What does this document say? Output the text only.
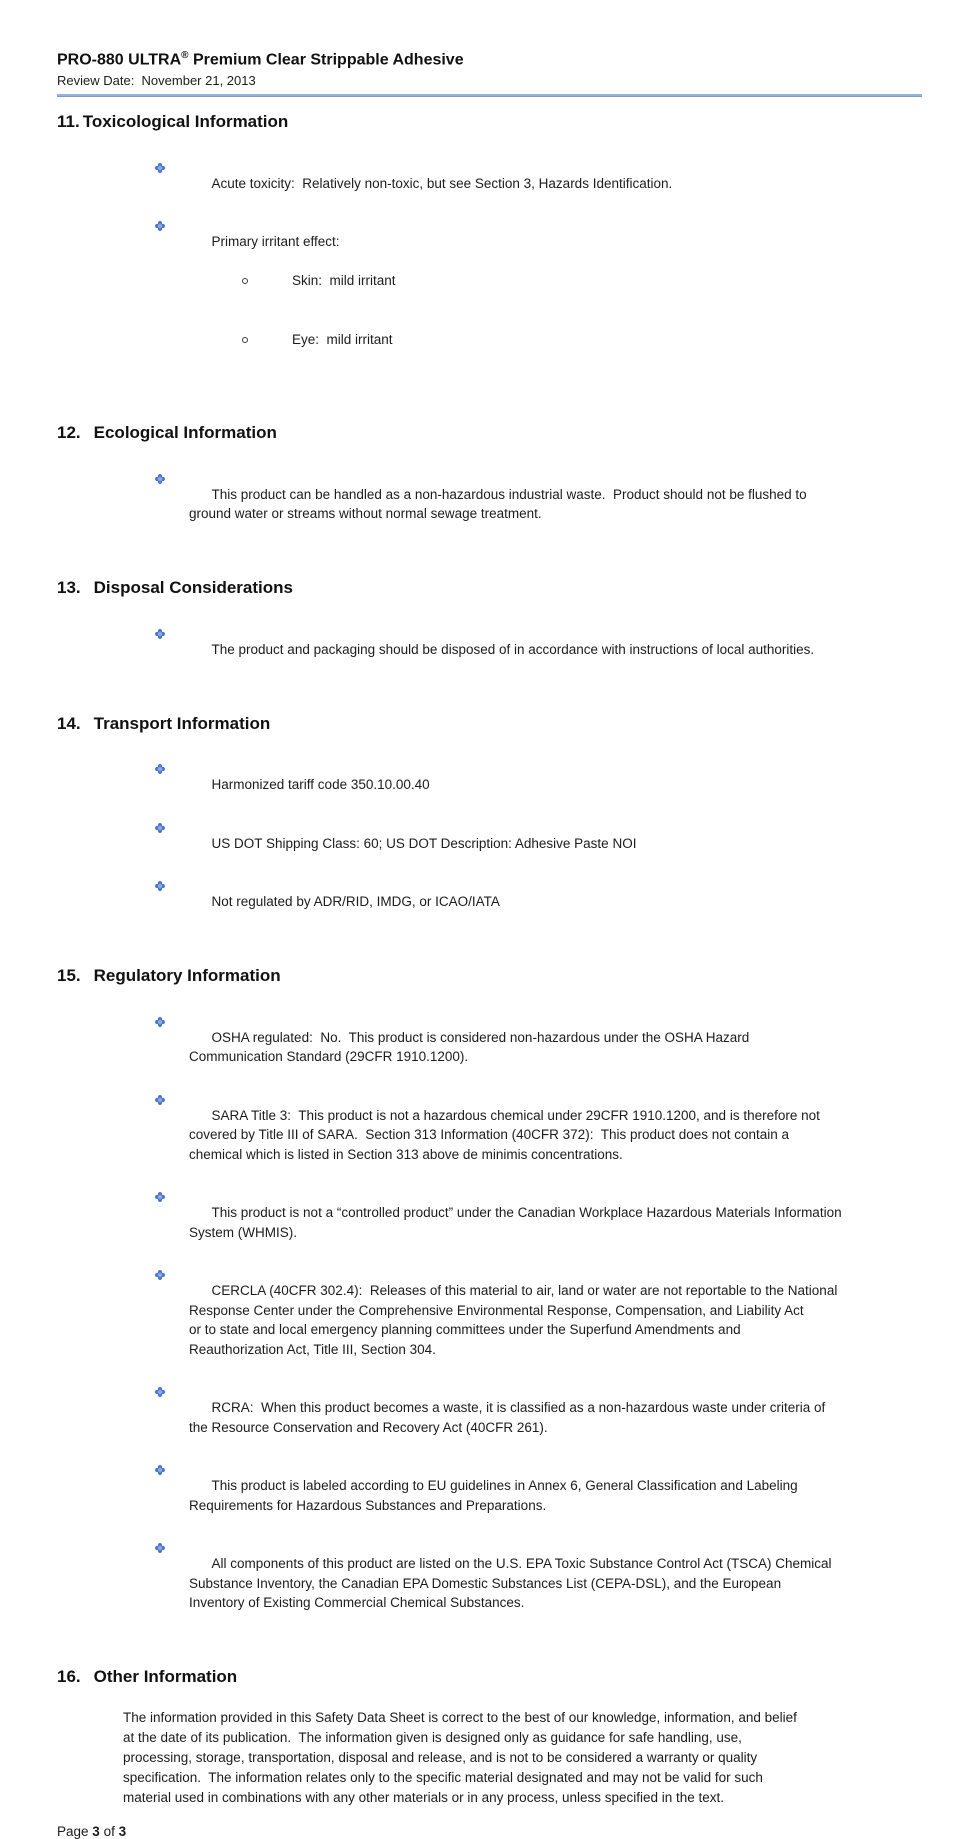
PRO-880 ULTRA® Premium Clear Strippable Adhesive
Review Date:  November 21, 2013
11. Toxicological Information

Acute toxicity:  Relatively non-toxic, but see Section 3, Hazards Identification.

Primary irritant effect:

Skin:  mild irritant

Eye:  mild irritant

12. Ecological Information

This product can be handled as a non-hazardous industrial waste.  Product should not be flushed to
ground water or streams without normal sewage treatment.

13. Disposal Considerations

The product and packaging should be disposed of in accordance with instructions of local authorities.

14. Transport Information

Harmonized tariff code 350.10.00.40

US DOT Shipping Class: 60; US DOT Description: Adhesive Paste NOI

Not regulated by ADR/RID, IMDG, or ICAO/IATA

15. Regulatory Information

OSHA regulated:  No.  This product is considered non-hazardous under the OSHA Hazard
Communication Standard (29CFR 1910.1200).

SARA Title 3:  This product is not a hazardous chemical under 29CFR 1910.1200, and is therefore not
covered by Title III of SARA.  Section 313 Information (40CFR 372):  This product does not contain a
chemical which is listed in Section 313 above de minimis concentrations.

This product is not a “controlled product” under the Canadian Workplace Hazardous Materials Information
System (WHMIS).

CERCLA (40CFR 302.4):  Releases of this material to air, land or water are not reportable to the National
Response Center under the Comprehensive Environmental Response, Compensation, and Liability Act
or to state and local emergency planning committees under the Superfund Amendments and
Reauthorization Act, Title III, Section 304.

RCRA:  When this product becomes a waste, it is classified as a non-hazardous waste under criteria of
the Resource Conservation and Recovery Act (40CFR 261).

This product is labeled according to EU guidelines in Annex 6, General Classification and Labeling
Requirements for Hazardous Substances and Preparations.

All components of this product are listed on the U.S. EPA Toxic Substance Control Act (TSCA) Chemical
Substance Inventory, the Canadian EPA Domestic Substances List (CEPA-DSL), and the European
Inventory of Existing Commercial Chemical Substances.

16. Other Information
The information provided in this Safety Data Sheet is correct to the best of our knowledge, information, and belief
at the date of its publication.  The information given is designed only as guidance for safe handling, use,
processing, storage, transportation, disposal and release, and is not to be considered a warranty or quality
specification.  The information relates only to the specific material designated and may not be valid for such
material used in combinations with any other materials or in any process, unless specified in the text.
Page 3 of 3
